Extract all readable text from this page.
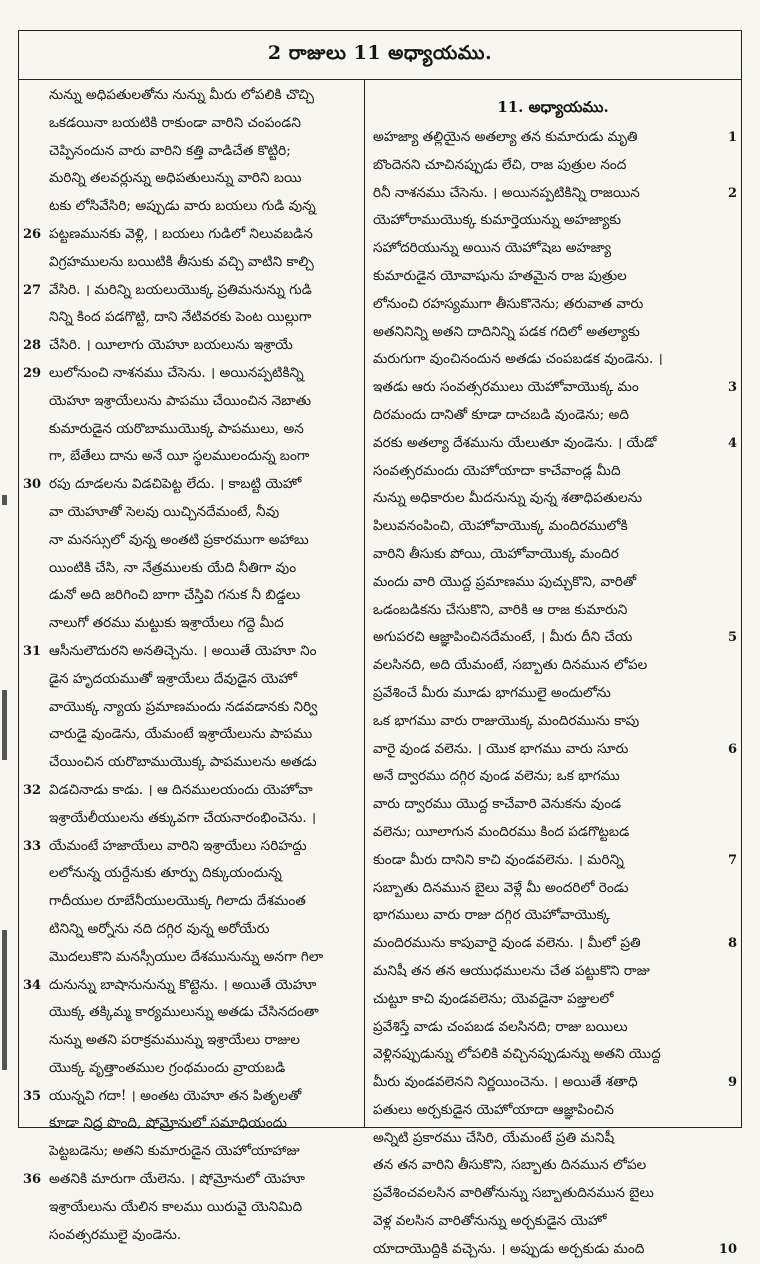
2 రాజులు 11 అధ్యాయము.
నున్ను అధిపతులతోను నున్ను మీరు లోపలికి చొచ్చి
ఒకడయినా బయటికి రాకుండా వారిని చంపండని
చెప్పినందున వారు వారిని కత్తి వాడిచేత కొట్టిరి;
మరిన్ని తలవర్లున్ను అధిపతులున్ను వారిని బయి
టకు లోసివేసిరి; అప్పుడు వారు బయలు గుడి వున్న
26 పట్టణమునకు వెళ్లి, । బయలు గుడిలో నిలువబడిన
విగ్రహములను బయిటికి తీసుకు వచ్చి వాటిని కాల్చి
27 వేసిరి. । మరిన్ని బయలుయొక్క ప్రతిమనున్ను గుడి
నిన్ని కింద పడగొట్టి, దాని నేటివరకు పెంట యిల్లుగా
28 చేసిరి. । యీలాగు యెహూ బయలును ఇశ్రాయే
29 లులోనుంచి నాశనము చేసెను. । అయినప్పటికిన్ని
యెహూ ఇశ్రాయేలును పాపము చేయించిన నెబాతు
కుమారుడైన యరొబాముయొక్క పాపములు, అన
గా, బేతేలు దాను అనే యీ స్థలములందున్న బంగా
30 రపు దూడలను విడచిపెట్ట లేదు. । కాబట్టి యెహో
వా యెహూతో సెలవు యిచ్చినదేమంటే, నీవు
నా మనస్సులో వున్న అంతటి ప్రకారముగా అహాబు
యింటికి చేసి, నా నేత్రములకు యేది నీతిగా వుం
డునో అది జరిగించి బాగా చేస్తివి గనుక నీ బిడ్డలు
నాలుగో తరము మట్టుకు ఇశ్రాయేలు గద్దె మీద
31 ఆసీనులౌదురని అనతిచ్చెను. । అయితే యెహూ నిం
డైన హృదయముతో ఇశ్రాయేలు దేవుడైన యెహో
వాయొక్క న్యాయ ప్రమాణమందు నడవడానకు నిర్వి
చారుడై వుండెను, యేమంటే ఇశ్రాయేలును పాపము
చేయించిన యరొబాముయొక్క పాపములను అతడు
32 విడచినాడు కాడు. । ఆ దినములయందు యెహోవా
ఇశ్రాయేలీయులను తక్కువగా చేయనారంభించెను. ।
33 యేమంటే హజాయేలు వారిని ఇశ్రాయేలు సరిహద్దు
లలోనున్న యర్దేనుకు తూర్పు దిక్కుయందున్న
గాదీయుల రూబేనీయులయొక్క గిలాదు దేశమంత
టినిన్ని అర్నోను నది దగ్గిర వున్న అరోయేరు
మొదలుకొని మనస్సీయుల దేశమునున్ను అనగా గిలా
34 దునున్ను బాషానునున్ను కొట్టెను. । అయితే యెహూ
యొక్క తక్కిమ్మ కార్యములున్ను అతడు చేసినదంతా
నున్ను అతని పరాక్రమమున్ను ఇశ్రాయేలు రాజుల
యొక్క వృత్తాంతముల గ్రంథమందు వ్రాయబడి
35 యున్నవి గదా! । అంతట యెహూ తన పితృలతో
కూడా నిద్ర పొంది, షోమ్రోనులో సమాధియందు
పెట్టబడెను; అతని కుమారుడైన యెహోయాహాజు
36 అతనికి మారుగా యేలెను. । షోమ్రోనులో యెహూ
ఇశ్రాయేలును యేలిన కాలము యిరువై యెనిమిది
సంవత్సరములై వుండెను.
11. అధ్యాయము.
1
అహజ్యా తల్లియైన అతల్యా తన కుమారుడు మృతి
బొందెనని చూచినప్పుడు లేచి, రాజ పుత్రుల నంద
2
రినీ నాశనము చేసెను. । అయినప్పటికిన్ని రాజయిన
యెహోరాముయొక్క కుమార్తెయున్ను అహజ్యాకు
సహోదరియున్ను అయిన యెహోషెబ అహజ్యా
కుమారుడైన యోవాషును హతమైన రాజ పుత్రుల
లోనుంచి రహస్యముగా తీసుకొనెను; తరువాత వారు
అతనినిన్ని అతని దాదినిన్ని పడక గదిలో అతల్యాకు
మరుగుగా వుంచినందున అతడు చంపబడక వుండెను. ।
3
ఇతడు ఆరు సంవత్సరములు యెహోవాయొక్క మం
దిరమందు దానితో కూడా దాచబడి వుండెను; అది
4
వరకు అతల్యా దేశమును యేలుతూ వుండెను. । యేడో
సంవత్సరమందు యెహోయాదా కాచేవాండ్ల మీది
నున్ను అధికారుల మీదనున్ను వున్న శతాధిపతులను
పిలువనంపించి, యెహోవాయొక్క మందిరములోకి
వారిని తీసుకు పోయి, యెహోవాయొక్క మందిర
మందు వారి యొద్ద ప్రమాణము పుచ్చుకొని, వారితో
ఒడంబడికను చేసుకొని, వారికి ఆ రాజ కుమారుని
5
అగుపరచి ఆజ్ఞాపించినదేమంటే, । మీరు దీని చేయ
వలసినది, అది యేమంటే, సబ్బాతు దినమున లోపల
ప్రవేశించే మీరు మూడు భాగములై అందులోను
ఒక భాగము వారు రాజుయొక్క మందిరమును కాపు
6
వారై వుండ వలెను. । యొక భాగము వారు సూరు
అనే ద్వారము దగ్గిర వుండ వలెను; ఒక భాగము
వారు ద్వారము యొద్ద కాచేవారి వెనుకను వుండ
వలెను; యీలాగున మందిరము కింద పడగొట్టబడ
7
కుండా మీరు దానిని కాచి వుండవలెను. । మరిన్ని
సబ్బాతు దినమున బైలు వెళ్లే మీ అందరిలో రెండు
భాగములు వారు రాజు దగ్గిర యెహోవాయొక్క
8
మందిరమును కాపువారై వుండ వలెను. । మీలో ప్రతి
మనిషీ తన తన ఆయుధములను చేత పట్టుకొని రాజు
చుట్టూ కాచి వుండవలెను; యెవడైనా పజ్తులలో
ప్రవేశిస్తే వాడు చంపబడ వలసినది; రాజు బయిలు
వెళ్లినప్పుడున్ను లోపలికి వచ్చినప్పుడున్ను అతని యొద్ద
9
మీరు వుండవలెనని నిర్ణయించెను. । అయితే శతాధి
పతులు అర్చకుడైన యెహోయాదా ఆజ్ఞాపించిన
అన్నిటి ప్రకారము చేసిరి, యేమంటే ప్రతి మనిషీ
తన తన వారిని తీసుకొని, సబ్బాతు దినమున లోపల
ప్రవేశించవలసిన వారితోనున్ను సబ్బాతుదినమున బైలు
వెళ్ల వలసిన వారితోనున్ను అర్చకుడైన యెహో
10
యాదాయొద్దికి వచ్చెను. । అప్పుడు అర్చకుడు మంది
